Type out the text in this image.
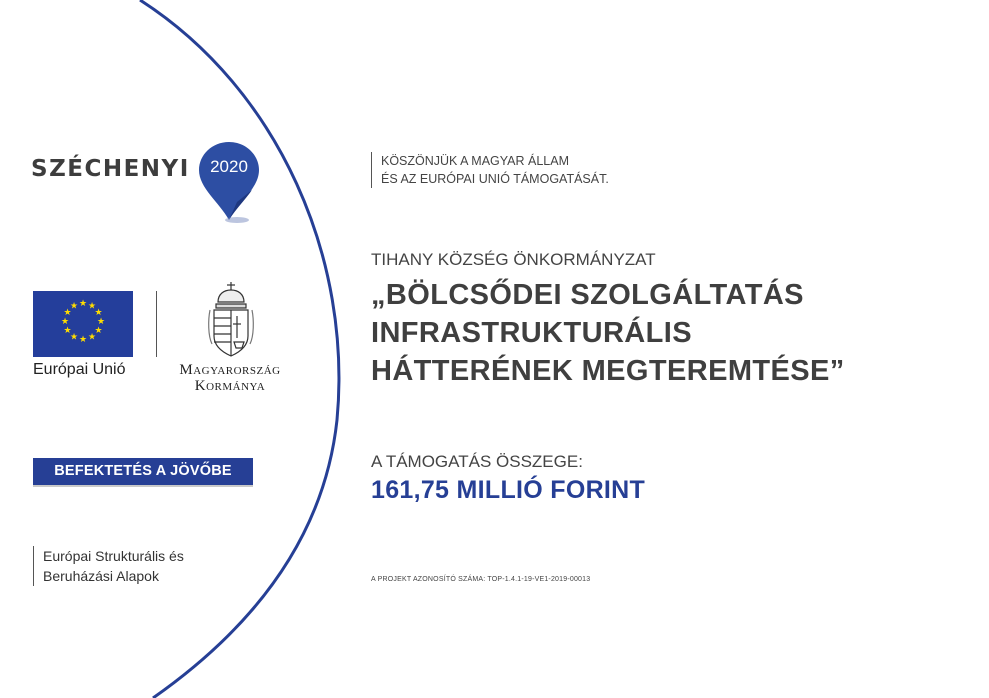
SZÉCHENYI	2020
★ ★
★
★
★
★
★
★
★
★
★
★
Európai Unió	Magyarország
Kormánya
BEFEKTETÉS A JÖVŐBE
Európai Strukturális és
Beruházási Alapok
KÖSZÖNJÜK A MAGYAR ÁLLAM
ÉS AZ EURÓPAI UNIÓ TÁMOGATÁSÁT.
TIHANY KÖZSÉG ÖNKORMÁNYZAT
„BÖLCSŐDEI SZOLGÁLTATÁS
INFRASTRUKTURÁLIS
HÁTTERÉNEK MEGTEREMTÉSE”
A TÁMOGATÁS ÖSSZEGE:
161,75 MILLIÓ FORINT
A PROJEKT AZONOSÍTÓ SZÁMA: TOP-1.4.1-19-VE1-2019-00013
